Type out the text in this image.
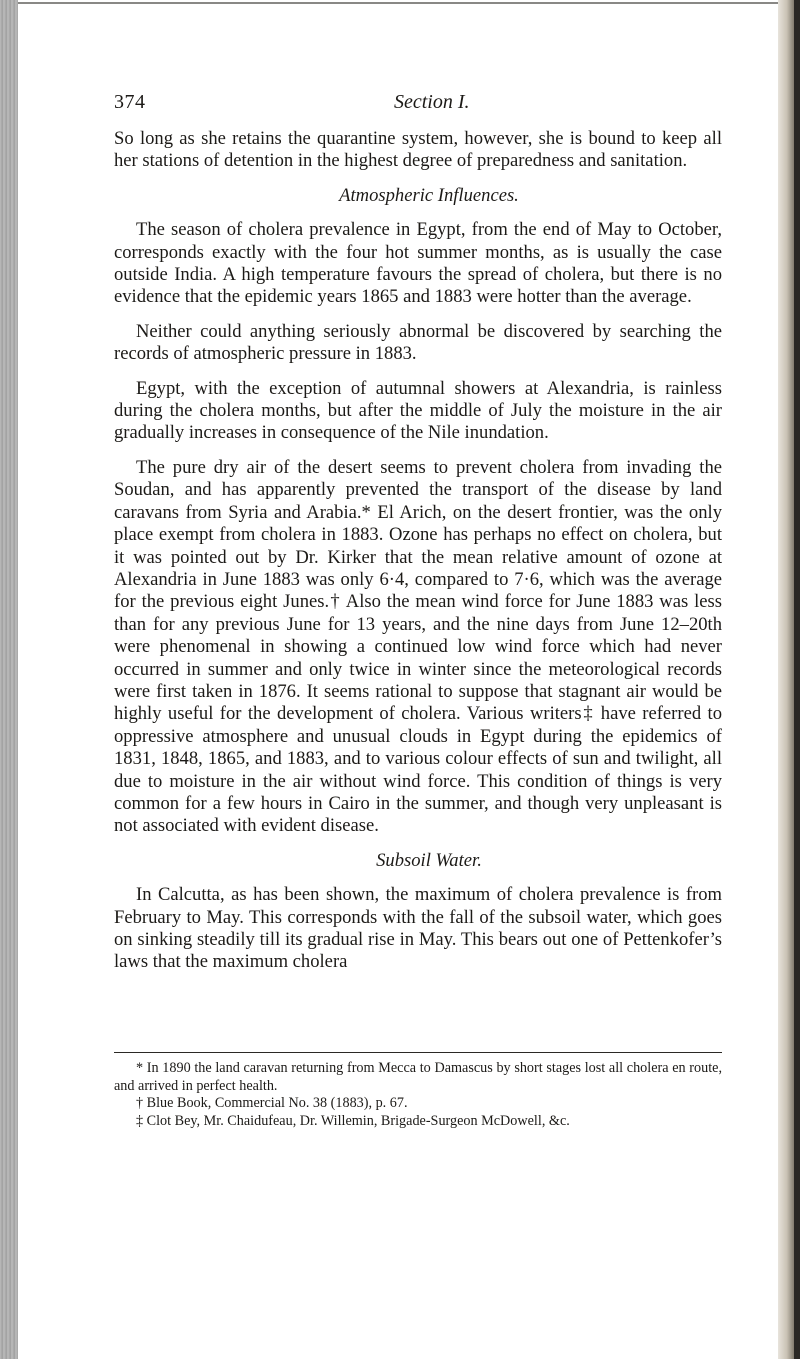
374	Section I.

So long as she retains the quarantine system, however, she is bound to keep all her stations of detention in the highest degree of preparedness and sanitation.

Atmospheric Influences.

The season of cholera prevalence in Egypt, from the end of May to October, corresponds exactly with the four hot summer months, as is usually the case outside India. A high temperature favours the spread of cholera, but there is no evidence that the epidemic years 1865 and 1883 were hotter than the average.

Neither could anything seriously abnormal be discovered by searching the records of atmospheric pressure in 1883.

Egypt, with the exception of autumnal showers at Alexandria, is rainless during the cholera months, but after the middle of July the moisture in the air gradually increases in consequence of the Nile inundation.

The pure dry air of the desert seems to prevent cholera from invading the Soudan, and has apparently prevented the transport of the disease by land caravans from Syria and Arabia.* El Arich, on the desert frontier, was the only place exempt from cholera in 1883. Ozone has perhaps no effect on cholera, but it was pointed out by Dr. Kirker that the mean relative amount of ozone at Alexandria in June 1883 was only 6·4, compared to 7·6, which was the average for the previous eight Junes.† Also the mean wind force for June 1883 was less than for any previous June for 13 years, and the nine days from June 12–20th were phenomenal in showing a continued low wind force which had never occurred in summer and only twice in winter since the meteorological records were first taken in 1876. It seems rational to suppose that stagnant air would be highly useful for the development of cholera. Various writers‡ have referred to oppressive atmosphere and unusual clouds in Egypt during the epidemics of 1831, 1848, 1865, and 1883, and to various colour effects of sun and twilight, all due to moisture in the air without wind force. This condition of things is very common for a few hours in Cairo in the summer, and though very unpleasant is not associated with evident disease.

Subsoil Water.

In Calcutta, as has been shown, the maximum of cholera prevalence is from February to May. This corresponds with the fall of the subsoil water, which goes on sinking steadily till its gradual rise in May. This bears out one of Pettenkofer’s laws that the maximum cholera

* In 1890 the land caravan returning from Mecca to Damascus by short stages lost all cholera en route, and arrived in perfect health.

† Blue Book, Commercial No. 38 (1883), p. 67.

‡ Clot Bey, Mr. Chaidufeau, Dr. Willemin, Brigade-Surgeon McDowell, &c.
